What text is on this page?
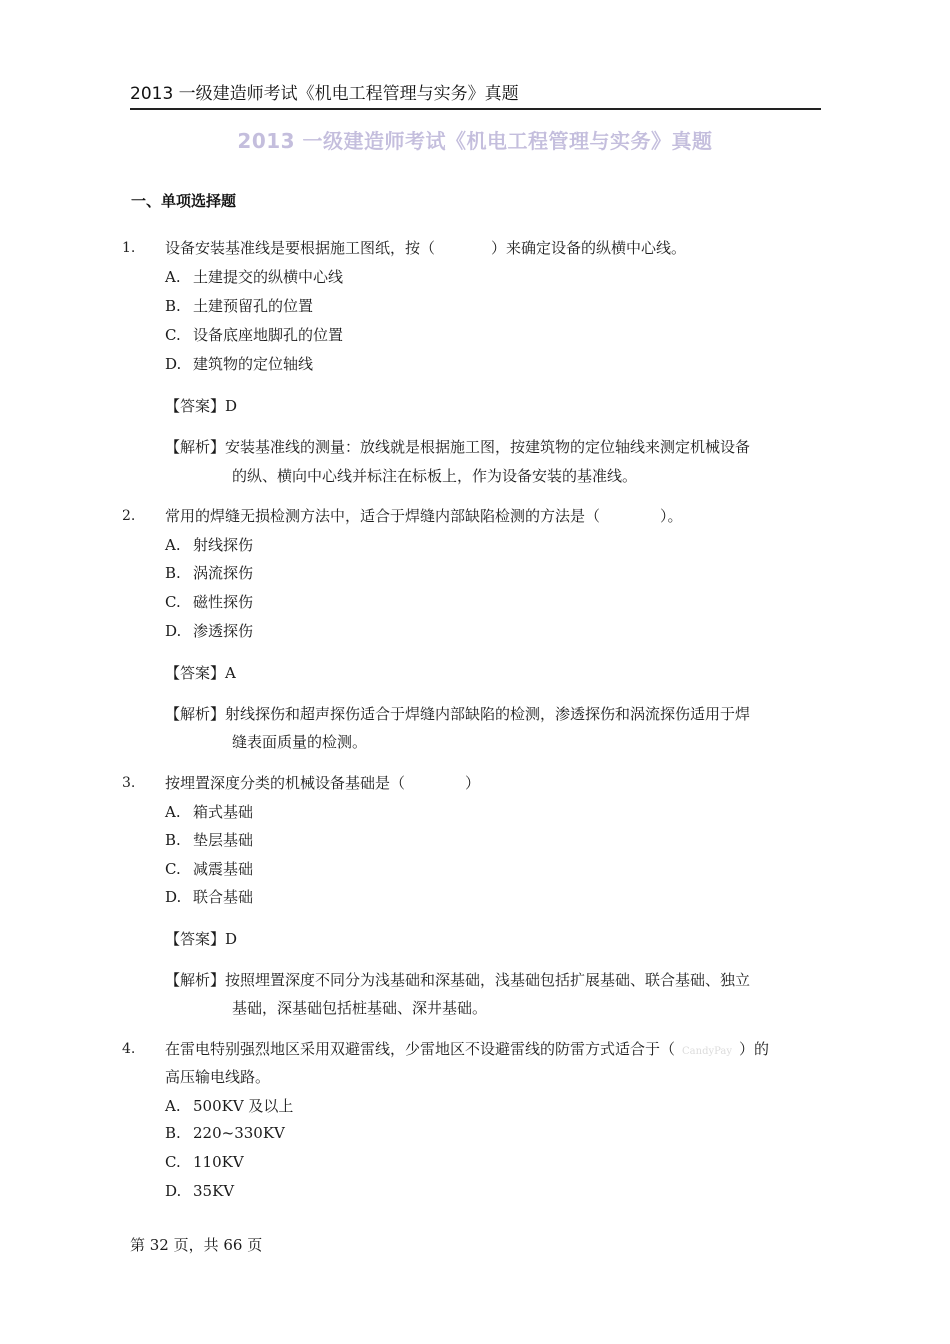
2013 一级建造师考试《机电工程管理与实务》真题
2013 一级建造师考试《机电工程管理与实务》真题
一、单项选择题
1. 设备安装基准线是要根据施工图纸，按（	）来确定设备的纵横中心线。
A. 土建提交的纵横中心线
B. 土建预留孔的位置
C. 设备底座地脚孔的位置
D. 建筑物的定位轴线
【答案】D
【解析】安装基准线的测量：放线就是根据施工图，按建筑物的定位轴线来测定机械设备
的纵、横向中心线并标注在标板上，作为设备安装的基准线。
2. 常用的焊缝无损检测方法中，适合于焊缝内部缺陷检测的方法是（	）。
A. 射线探伤
B. 涡流探伤
C. 磁性探伤
D. 渗透探伤
【答案】A
【解析】射线探伤和超声探伤适合于焊缝内部缺陷的检测，渗透探伤和涡流探伤适用于焊
缝表面质量的检测。
3. 按埋置深度分类的机械设备基础是（	）
A. 箱式基础
B. 垫层基础
C. 减震基础
D. 联合基础
【答案】D
【解析】按照埋置深度不同分为浅基础和深基础，浅基础包括扩展基础、联合基础、独立
基础，深基础包括桩基础、深井基础。
4. 在雷电特别强烈地区采用双避雷线，少雷地区不设避雷线的防雷方式适合于（ CandyPay ）的
高压输电线路。
A. 500KV 及以上
B. 220~330KV
C. 110KV
D. 35KV
第 32 页，共 66 页
